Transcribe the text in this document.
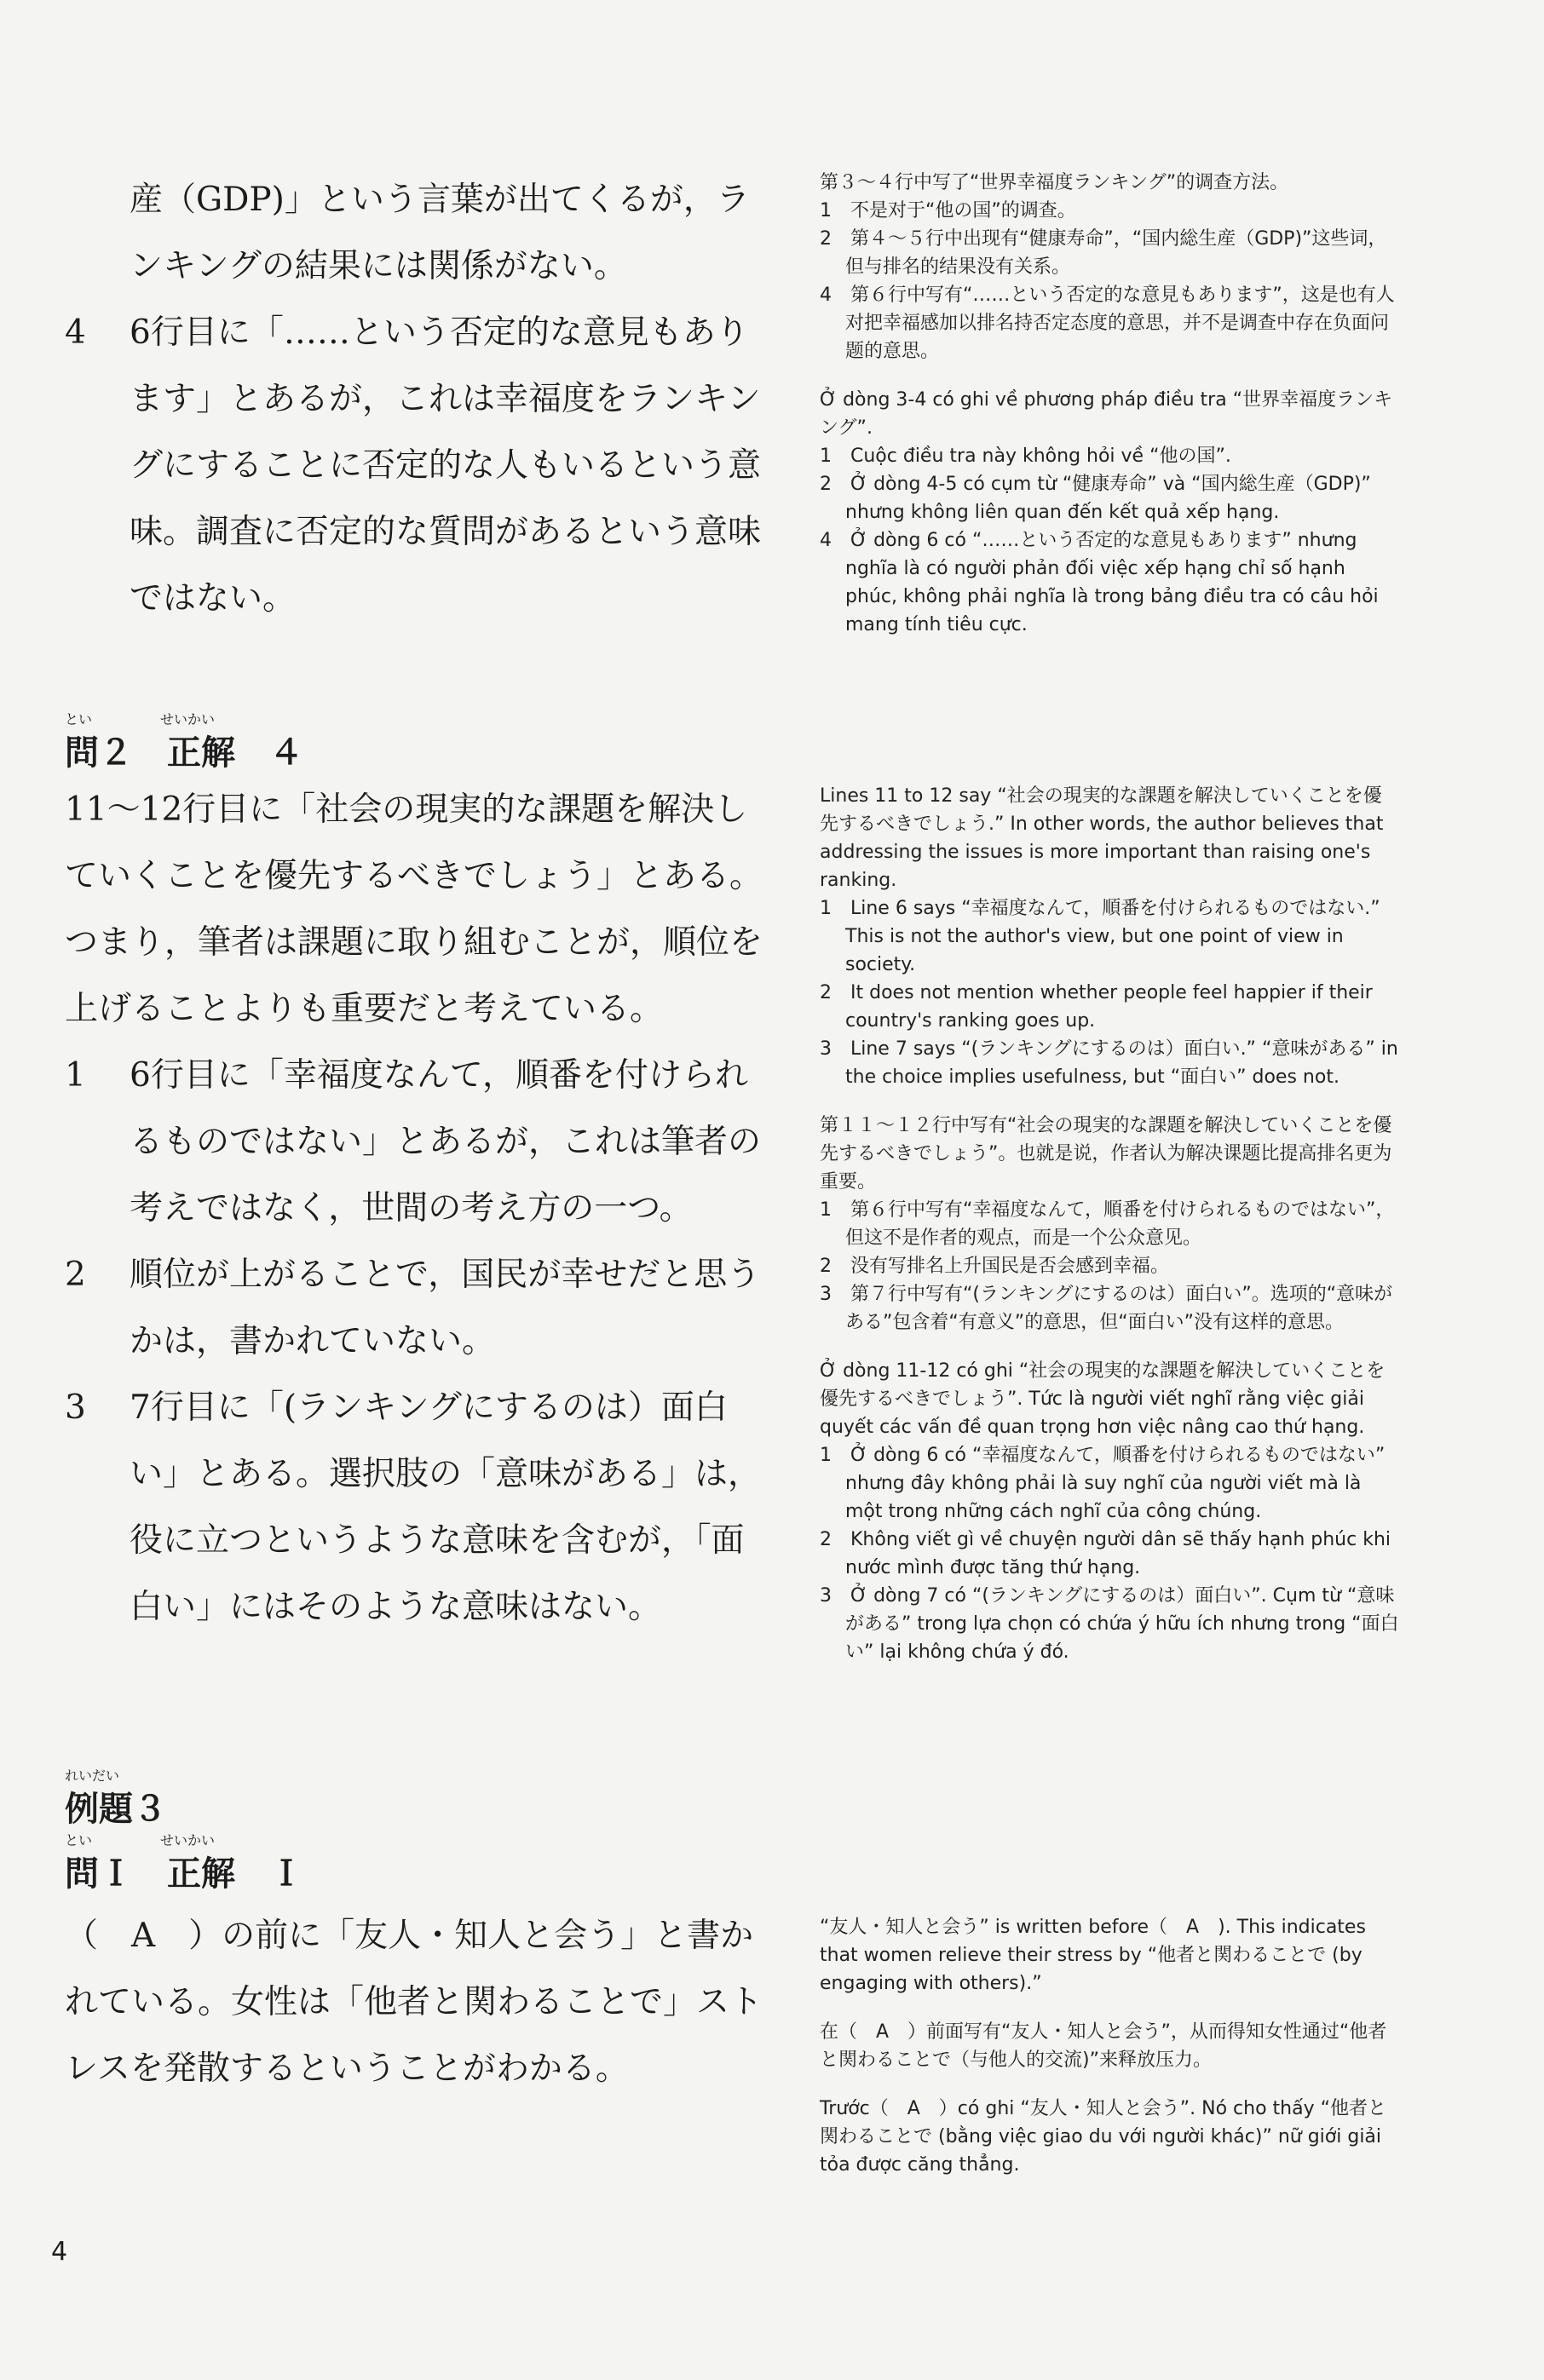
産（GDP)」という言葉が出てくるが，ラ

ンキングの結果には関係がない。

4 6行目に「……という否定的な意見もあり

ます」とあるが，これは幸福度をランキン

グにすることに否定的な人もいるという意

味。調査に否定的な質問があるという意味

ではない。

第３～４行中写了“世界幸福度ランキング”的调查方法。

1　不是对于“他の国”的调查。

2　第４～５行中出现有“健康寿命”，“国内総生産（GDP)”这些词，但与排名的结果没有关系。

4　第６行中写有“……という否定的な意見もあります”，这是也有人对把幸福感加以排名持否定态度的意思，并不是调查中存在负面问题的意思。

Ở dòng 3-4 có ghi về phương pháp điều tra “世界幸福度ランキング”.

1　Cuộc điều tra này không hỏi về “他の国”.

2　Ở dòng 4-5 có cụm từ “健康寿命” và “国内総生産（GDP)” nhưng không liên quan đến kết quả xếp hạng.

4　Ở dòng 6 có “……という否定的な意見もあります” nhưng nghĩa là có người phản đối việc xếp hạng chỉ số hạnh phúc, không phải nghĩa là trong bảng điều tra có câu hỏi mang tính tiêu cực.

とい	せいかい
問２　正解　４

11～12行目に「社会の現実的な課題を解決し

ていくことを優先するべきでしょう」とある。

つまり，筆者は課題に取り組むことが，順位を

上げることよりも重要だと考えている。

1 6行目に「幸福度なんて，順番を付けられ

るものではない」とあるが，これは筆者の

考えではなく，世間の考え方の一つ。

2 順位が上がることで，国民が幸せだと思う

かは，書かれていない。

3 7行目に「(ランキングにするのは）面白

い」とある。選択肢の「意味がある」は，

役に立つというような意味を含むが，「面

白い」にはそのような意味はない。

Lines 11 to 12 say “社会の現実的な課題を解決していくことを優先するべきでしょう.” In other words, the author believes that addressing the issues is more important than raising one's ranking.

1　Line 6 says “幸福度なんて，順番を付けられるものではない.” This is not the author's view, but one point of view in society.

2　It does not mention whether people feel happier if their country's ranking goes up.

3　Line 7 says “(ランキングにするのは）面白い.” “意味がある” in the choice implies usefulness, but “面白い” does not.

第１１～１２行中写有“社会の現実的な課題を解決していくことを優先するべきでしょう”。也就是说，作者认为解决课题比提高排名更为重要。

1　第６行中写有“幸福度なんて，順番を付けられるものではない”，但这不是作者的观点，而是一个公众意见。

2　没有写排名上升国民是否会感到幸福。

3　第７行中写有“(ランキングにするのは）面白い”。选项的“意味がある”包含着“有意义”的意思，但“面白い”没有这样的意思。

Ở dòng 11-12 có ghi “社会の現実的な課題を解決していくことを優先するべきでしょう”. Tức là người viết nghĩ rằng việc giải quyết các vấn đề quan trọng hơn việc nâng cao thứ hạng.

1　Ở dòng 6 có “幸福度なんて，順番を付けられるものではない” nhưng đây không phải là suy nghĩ của người viết mà là một trong những cách nghĩ của công chúng.

2　Không viết gì về chuyện người dân sẽ thấy hạnh phúc khi nước mình được tăng thứ hạng.

3　Ở dòng 7 có “(ランキングにするのは）面白い”. Cụm từ “意味がある” trong lựa chọn có chứa ý hữu ích nhưng trong “面白い” lại không chứa ý đó.

れいだい
例題３
とい	せいかい
問Ｉ　正解　Ｉ

（　A　）の前に「友人・知人と会う」と書か

れている。女性は「他者と関わることで」スト

レスを発散するということがわかる。

“友人・知人と会う” is written before（　A　). This indicates that women relieve their stress by “他者と関わることで (by engaging with others).”

在（　A　）前面写有“友人・知人と会う”，从而得知女性通过“他者と関わることで（与他人的交流)”来释放压力。

Trước（　A　）có ghi “友人・知人と会う”. Nó cho thấy “他者と関わることで (bằng việc giao du với người khác)” nữ giới giải tỏa được căng thẳng.

4
